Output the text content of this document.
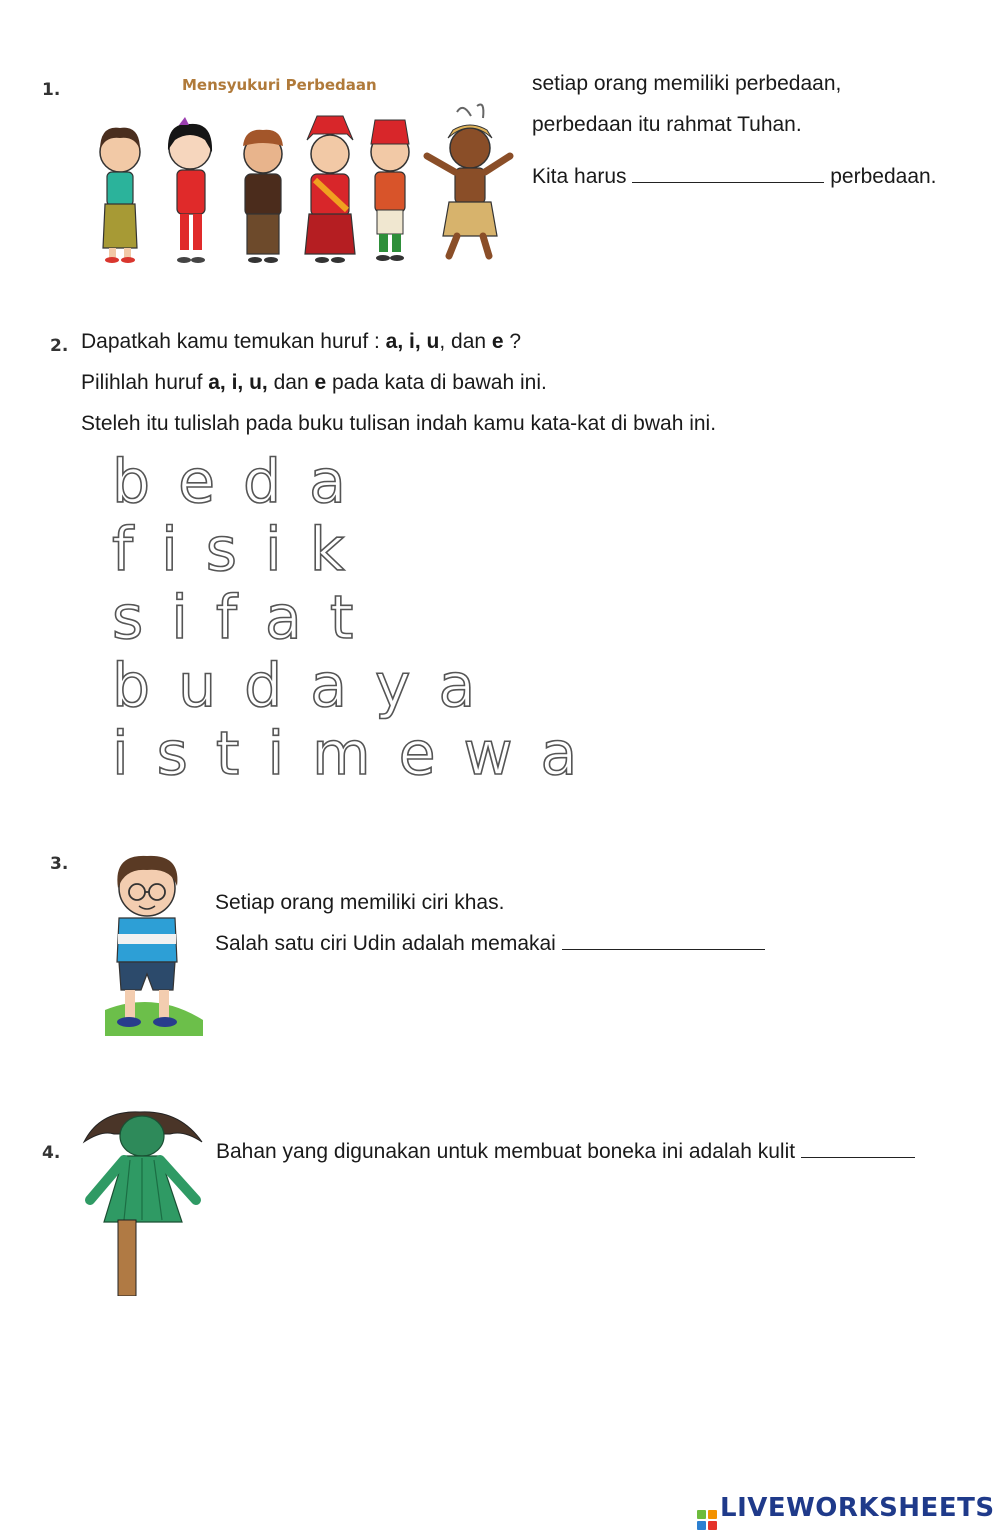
1.	Mensyukuri Perbedaan	setiap orang memiliki perbedaan,
perbedaan itu rahmat Tuhan.
Kita harus	perbedaan.
2. Dapatkah kamu temukan huruf : a, i, u, dan e ?
Pilihlah huruf a, i, u, dan e pada kata di bawah ini.
Steleh itu tulislah pada buku tulisan indah kamu kata-kat di bwah ini.
beda
fisik
sifat
budaya
istimewa
3.
Setiap orang memiliki ciri khas.
Salah satu ciri Udin adalah memakai
4.	Bahan yang digunakan untuk membuat boneka ini adalah kulit
LIVEWORKSHEETS
